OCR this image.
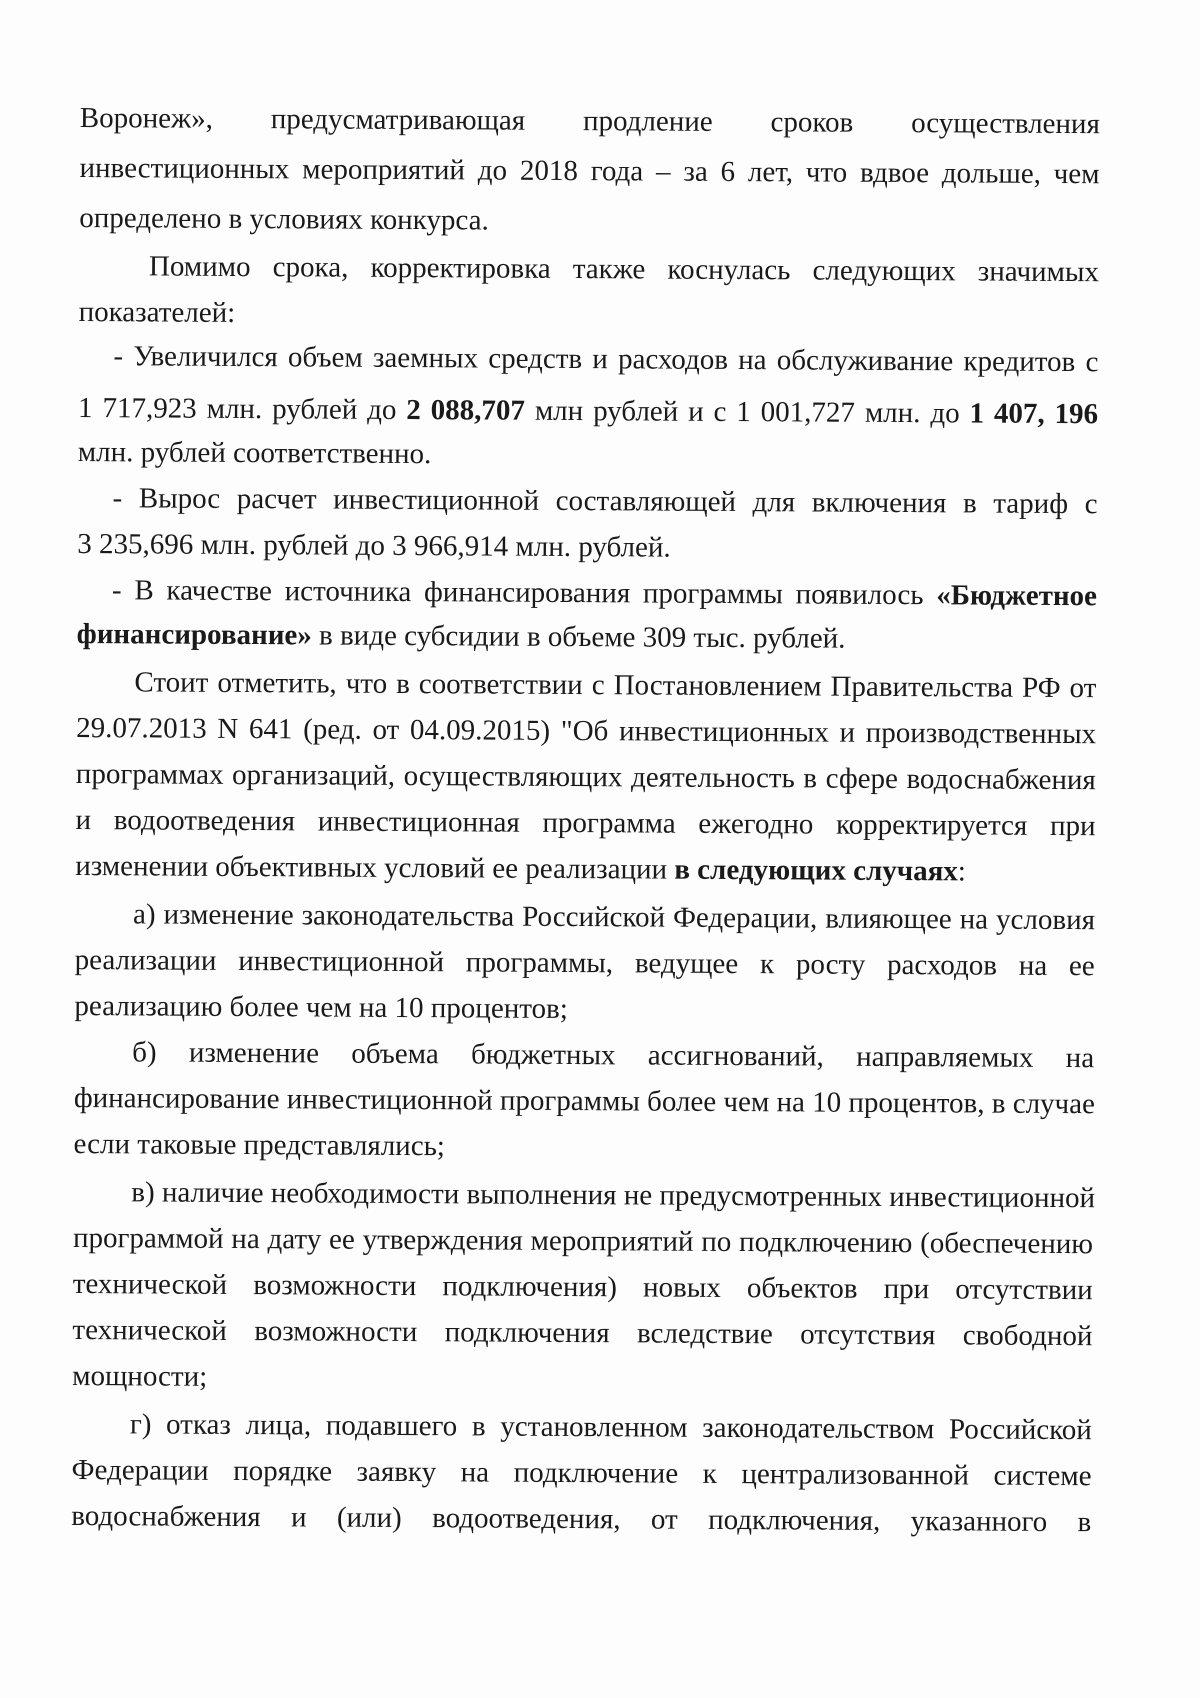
Воронеж», предусматривающая продление сроков осуществления
инвестиционных мероприятий до 2018 года – за 6 лет, что вдвое дольше, чем
определено в условиях конкурса.
Помимо срока, корректировка также коснулась следующих значимых
показателей:
- Увеличился объем заемных средств и расходов на обслуживание кредитов с
1 717,923 млн. рублей до 2 088,707 млн рублей и с 1 001,727 млн. до 1 407, 196
млн. рублей соответственно.
- Вырос расчет инвестиционной составляющей для включения в тариф с
3 235,696 млн. рублей до 3 966,914 млн. рублей.
- В качестве источника финансирования программы появилось «Бюджетное
финансирование» в виде субсидии в объеме 309 тыс. рублей.
Стоит отметить, что в соответствии с Постановлением Правительства РФ от
29.07.2013 N 641 (ред. от 04.09.2015) "Об инвестиционных и производственных
программах организаций, осуществляющих деятельность в сфере водоснабжения
и водоотведения инвестиционная программа ежегодно корректируется при
изменении объективных условий ее реализации в следующих случаях:
а) изменение законодательства Российской Федерации, влияющее на условия
реализации инвестиционной программы, ведущее к росту расходов на ее
реализацию более чем на 10 процентов;
б) изменение объема бюджетных ассигнований, направляемых на
финансирование инвестиционной программы более чем на 10 процентов, в случае
если таковые представлялись;
в) наличие необходимости выполнения не предусмотренных инвестиционной
программой на дату ее утверждения мероприятий по подключению (обеспечению
технической возможности подключения) новых объектов при отсутствии
технической возможности подключения вследствие отсутствия свободной
мощности;
г) отказ лица, подавшего в установленном законодательством Российской
Федерации порядке заявку на подключение к централизованной системе
водоснабжения и (или) водоотведения, от подключения, указанного в
